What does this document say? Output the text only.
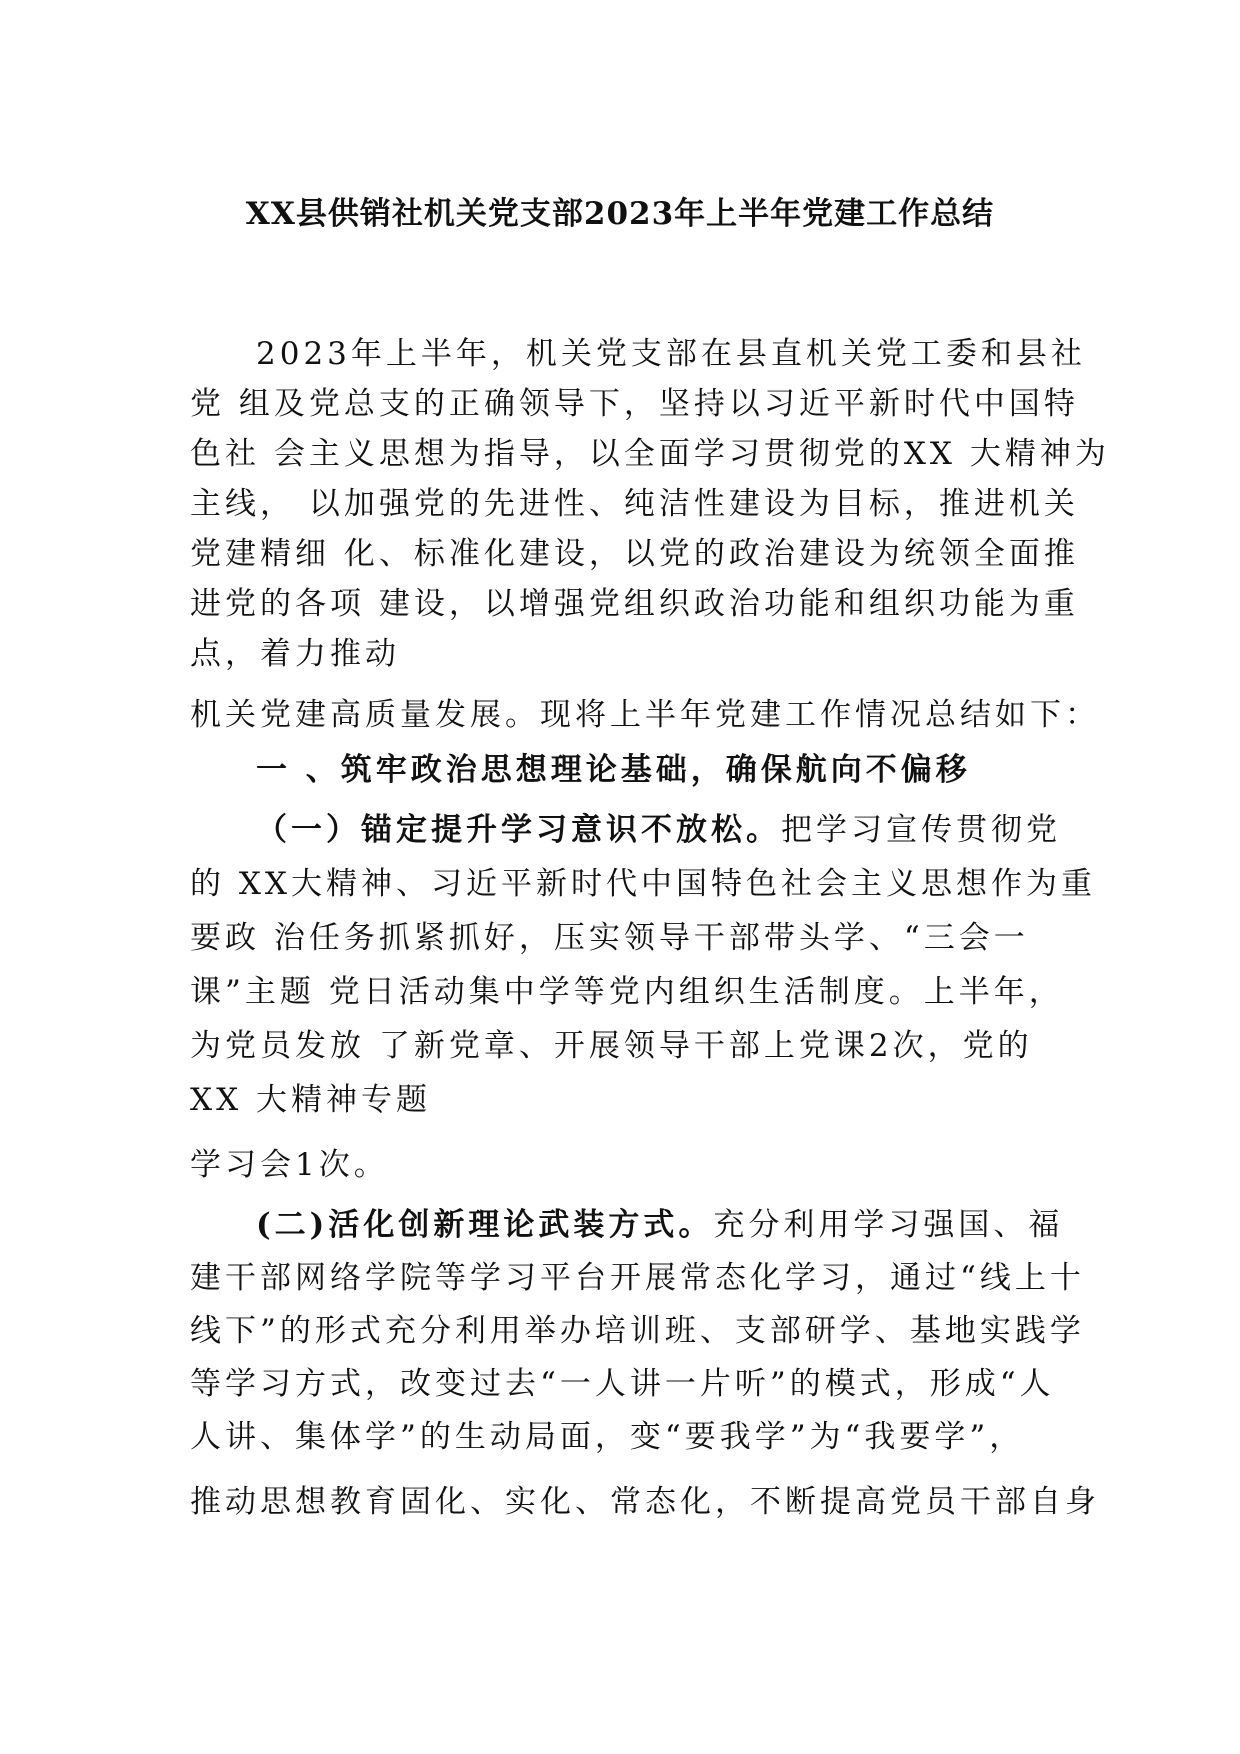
XX县供销社机关党支部2023年上半年党建工作总结
2023年上半年，机关党支部在县直机关党工委和县社
党 组及党总支的正确领导下，坚持以习近平新时代中国特
色社 会主义思想为指导，以全面学习贯彻党的XX 大精神为
主线， 以加强党的先进性、纯洁性建设为目标，推进机关
党建精细 化、标准化建设，以党的政治建设为统领全面推
进党的各项 建设，以增强党组织政治功能和组织功能为重
点，着力推动
机关党建高质量发展。现将上半年党建工作情况总结如下：
一 、筑牢政治思想理论基础，确保航向不偏移
（一）锚定提升学习意识不放松。把学习宣传贯彻党
的 XX大精神、习近平新时代中国特色社会主义思想作为重
要政 治任务抓紧抓好，压实领导干部带头学、“三会一
课”主题 党日活动集中学等党内组织生活制度。上半年，
为党员发放 了新党章、开展领导干部上党课2次，党的
XX 大精神专题
学习会1次。
(二)活化创新理论武装方式。充分利用学习强国、福
建干部网络学院等学习平台开展常态化学习，通过“线上十
线下”的形式充分利用举办培训班、支部研学、基地实践学
等学习方式，改变过去“一人讲一片听”的模式，形成“人
人讲、集体学”的生动局面，变“要我学”为“我要学”，
推动思想教育固化、实化、常态化，不断提高党员干部自身
